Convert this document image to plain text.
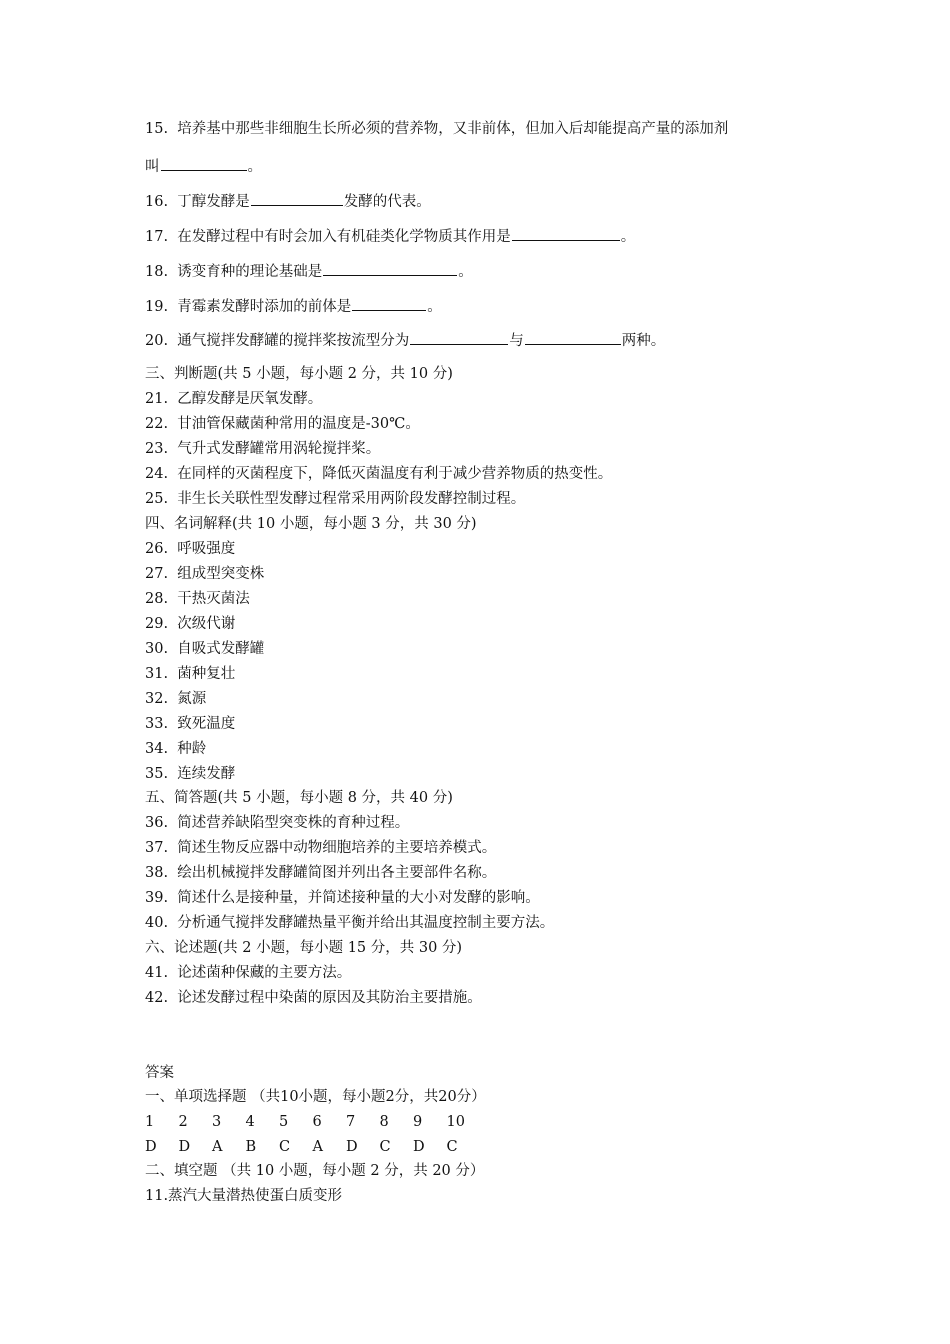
15. 培养基中那些非细胞生长所必须的营养物，又非前体，但加入后却能提高产量的添加剂
叫	。
16. 丁醇发酵是	发酵的代表。
17. 在发酵过程中有时会加入有机硅类化学物质其作用是	。
18. 诱变育种的理论基础是	。
19. 青霉素发酵时添加的前体是	。
20. 通气搅拌发酵罐的搅拌桨按流型分为	与	两种。
三、判断题(共 5 小题，每小题 2 分，共 10 分)
21. 乙醇发酵是厌氧发酵。
22. 甘油管保藏菌种常用的温度是-30℃。
23. 气升式发酵罐常用涡轮搅拌桨。
24. 在同样的灭菌程度下，降低灭菌温度有利于减少营养物质的热变性。
25. 非生长关联性型发酵过程常采用两阶段发酵控制过程。
四、名词解释(共 10 小题，每小题 3 分，共 30 分)
26. 呼吸强度
27. 组成型突变株
28. 干热灭菌法
29. 次级代谢
30. 自吸式发酵罐
31. 菌种复壮
32. 氮源
33. 致死温度
34. 种龄
35. 连续发酵
五、简答题(共 5 小题，每小题 8 分，共 40 分)
36. 简述营养缺陷型突变株的育种过程。
37. 简述生物反应器中动物细胞培养的主要培养模式。
38. 绘出机械搅拌发酵罐简图并列出各主要部件名称。
39. 简述什么是接种量，并简述接种量的大小对发酵的影响。
40. 分析通气搅拌发酵罐热量平衡并给出其温度控制主要方法。
六、论述题(共 2 小题，每小题 15 分，共 30 分)
41. 论述菌种保藏的主要方法。
42. 论述发酵过程中染菌的原因及其防治主要措施。
答案
一、单项选择题 （共10小题，每小题2分，共20分）
1 2 3 4 5 6 7 8 9 10
D D A B C A D C D C
二、填空题 （共 10 小题，每小题 2 分，共 20 分）
11.蒸汽大量潜热使蛋白质变形
